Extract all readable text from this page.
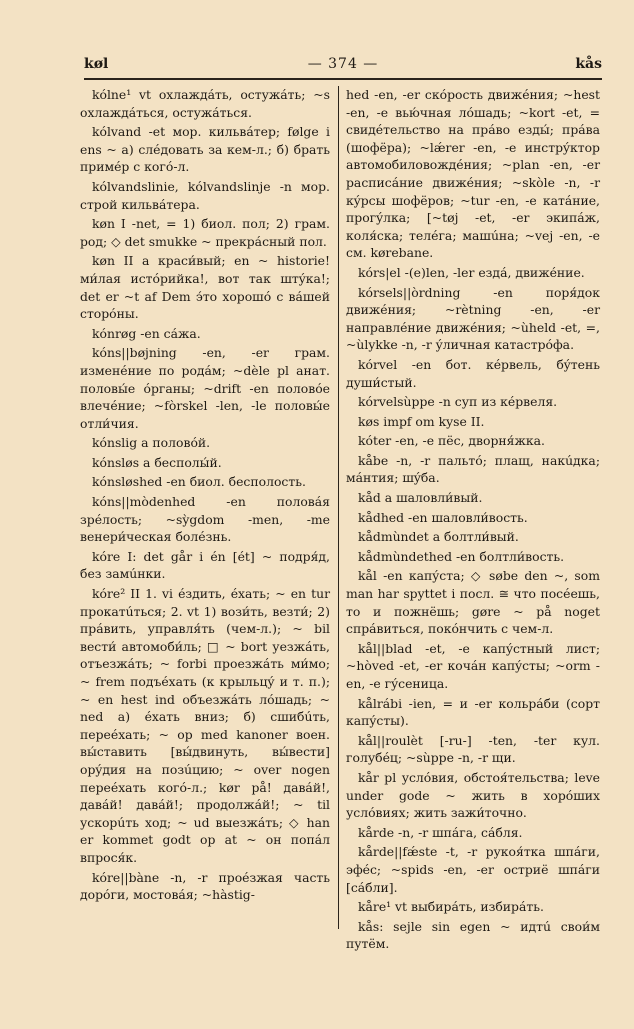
køl	— 374 —	kås

kólne¹ vt охлаждáть, остужáть; ~s охлаждáться, остужáться.

kólvand -et мор. кильвáтер; følge i ens ~ а) слéдовать за кем-л.; б) брать примéр с когó-л.

kólvandslinie, kólvandslinje -n мор. строй кильвáтера.

køn I -net, = 1) биол. пол; 2) грам. род; ◇ det smukke ~ прекрáсный пол.

køn II a краси́вый; en ~ historie! ми́лая истóрийка!, вот так штýка!; det er ~t af Dem э́то хорошó с вáшей сторóны.

kónrøg -en сáжа.

kóns||bøjning -en, -er грам. изменéние по родáм; ~dèle pl анат. половы́е óрганы; ~drift -en половóе влечéние; ~fòrskel -len, -le половы́е отли́чия.

kónslig a половóй.

kónsløs a бесполы́й.

kónsløshed -en биол. бесполость.

kóns||mòdenhed -en половáя зрéлость; ~sỳgdom -men, -me венери́ческая болéзнь.

kóre I: det går i én [ét] ~ подря́д, без замúнки.

kóre² II 1. vi éздить, éхать; ~ en tur прокатúться; 2. vt 1) вози́ть, везти́; 2) прáвить, управля́ть (чем-л.); ~ bil вести́ автомоби́ль; □ ~ bort уезжáть, отъезжáть; ~ forbi проезжáть ми́мо; ~ frem подъéхать (к крыльцý и т. п.); ~ en hest ind объезжáть лóшадь; ~ ned а) éхать вниз; б) сшибúть, переéхать; ~ op med kanoner воен. вы́ставить [вы́двинуть, вы́вести] орýдия на позúцию; ~ over nogen переéхать когó-л.; kør på! давáй!, давáй! давáй!; продолжáй!; ~ til ускорúть ход; ~ ud выезжáть; ◇ han er kommet godt op at ~ он попáл впрося́к.

kóre||bàne -n, -r проéзжая часть дорóги, мостовáя; ~hàstig-

hed -en, -er скóрость движéния; ~hest -en, -e вью́чная лóшадь; ~kort -et, = свидéтельство на прáво езды́; прáва (шофёра); ~lǽrer -en, -e инстрýктор автомобиловождéния; ~plan -en, -er расписáние движéния; ~skòle -n, -r кýрсы шофёров; ~tur -en, -e катáние, прогýлка; [~tøj -et, -er экипáж, коля́ска; телéга; машúна; ~vej -en, -e см. kørebane.

kórs|el -(e)len, -ler ездá, движéние.

kórsels||òrdning -en поря́док движéния; ~rètning -en, -er направлéние движéния; ~ùheld -et, =, ~ùlykke -n, -r ýличная катастрóфа.

kórvel -en бот. кéрвель, бýтень души́стый.

kórvelsùppe -n суп из кéрвеля.

køs impf om kyse II.

kóter -en, -e пёс, дворня́жка.

kåbe -n, -r пальтó; плащ, накúдка; мáнтия; шýба.

kåd a шаловли́вый.

kådhed -en шаловли́вость.

kådmùndet a болтли́вый.

kådmùndethed -en болтли́вость.

kål -en капýста; ◇ søbe den ~, som man har spyttet i посл. ≅ что посéешь, то и пожнёшь; gøre ~ på noget спрáвиться, покóнчить с чем-л.

kål||blad -et, -e капýстный лист; ~hòved -et, -er кочáн капýсты; ~orm -en, -e гýсеница.

kålrábi -ien, = и -er кольрáби (сорт капýсты).

kål||roulèt [-ru-] -ten, -ter кул. голубéц; ~sùppe -n, -r щи.

kår pl услóвия, обстоя́тельства; leve under gode ~ жить в хорóших услóвиях; жить зажи́точно.

kårde -n, -r шпáга, сáбля.

kårde||fǽste -t, -r рукоя́тка шпáги, эфéс; ~spids -en, -er остриё шпáги [сáбли].

kåre¹ vt выбирáть, избирáть.

kås: sejle sin egen ~ идтú свои́м путём.
